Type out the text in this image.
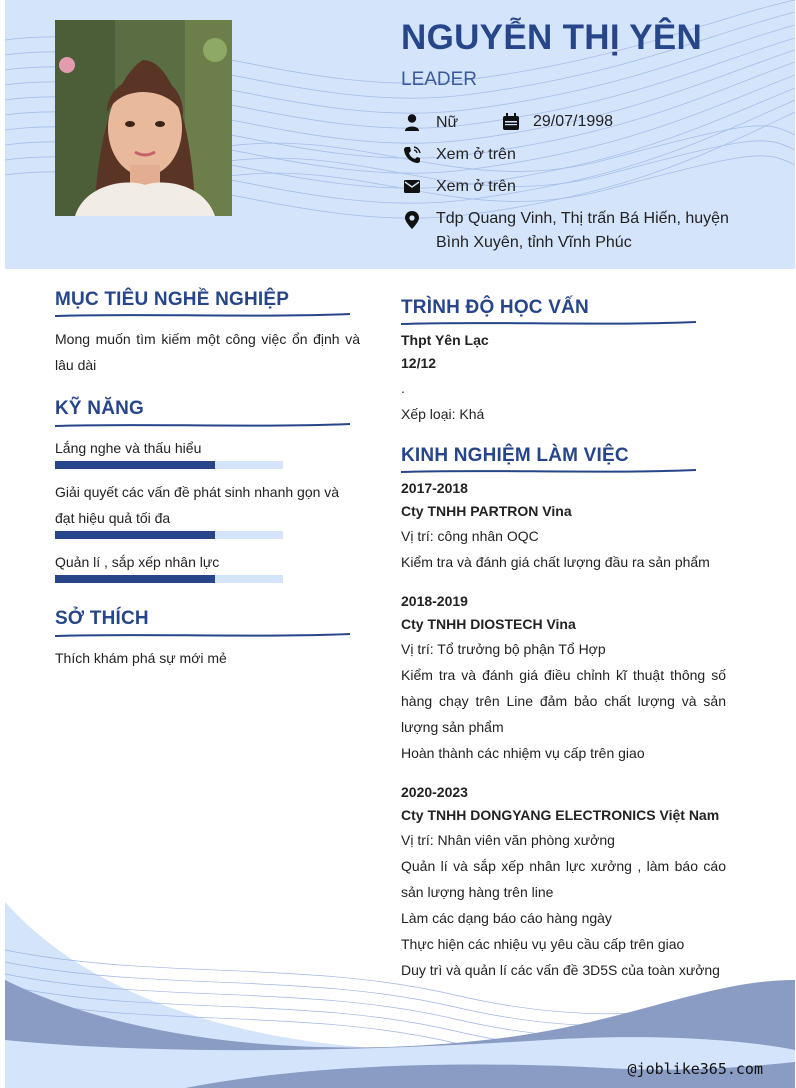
NGUYỄN THỊ YÊN
LEADER
Nữ	29/07/1998
Xem ở trên
Xem ở trên
Tdp Quang Vinh, Thị trấn Bá Hiến, huyện Bình Xuyên, tỉnh Vĩnh Phúc
MỤC TIÊU NGHỀ NGHIỆP
Mong muốn tìm kiếm một công việc ổn định và lâu dài
KỸ NĂNG
Lắng nghe và thấu hiểu
Giải quyết các vấn đề phát sinh nhanh gọn và đạt hiệu quả tối đa
Quản lí , sắp xếp nhân lực
SỞ THÍCH
Thích khám phá sự mới mẻ
TRÌNH ĐỘ HỌC VẤN
Thpt Yên Lạc
12/12
.
Xếp loại: Khá
KINH NGHIỆM LÀM VIỆC
2017-2018
Cty TNHH PARTRON Vina
Vị trí: công nhân OQC
Kiểm tra và đánh giá chất lượng đầu ra sản phẩm
2018-2019
Cty TNHH DIOSTECH Vina
Vị trí: Tổ trưởng bộ phận Tổ Hợp
Kiểm tra và đánh giá điều chỉnh kĩ thuật thông số hàng chạy trên Line đảm bảo chất lượng và sản lượng sản phẩm
Hoàn thành các nhiệm vụ cấp trên giao
2020-2023
Cty TNHH DONGYANG ELECTRONICS Việt Nam
Vị trí: Nhân viên văn phòng xưởng
Quản lí và sắp xếp nhân lực xưởng , làm báo cáo sản lượng hàng trên line
Làm các dạng báo cáo hàng ngày
Thực hiện các nhiệu vụ yêu cầu cấp trên giao
Duy trì và quản lí các vấn đề 3D5S của toàn xưởng
@joblike365.com
